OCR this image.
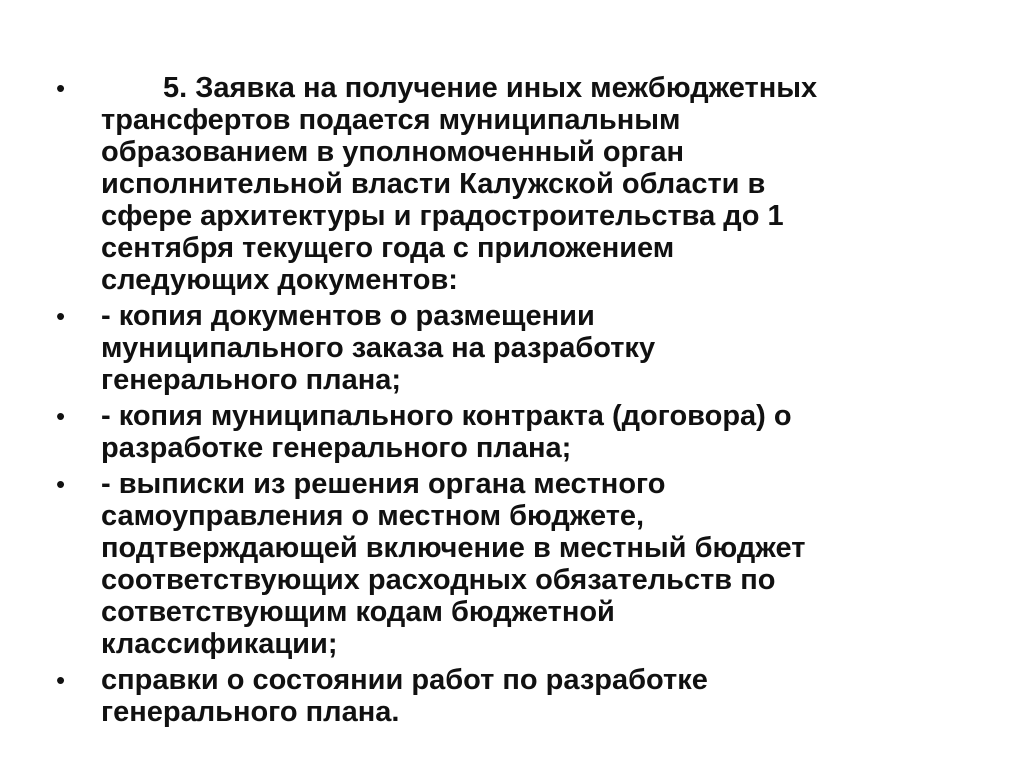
•	5. Заявка на получение иных межбюджетных
трансфертов подается муниципальным
образованием в уполномоченный орган
исполнительной власти Калужской области в
сфере архитектуры и градостроительства до 1
сентября текущего года с приложением
следующих документов:
•	- копия документов о размещении
муниципального заказа на разработку
генерального плана;
•	- копия муниципального контракта (договора) о
разработке генерального плана;
•	- выписки из решения органа местного
самоуправления о местном бюджете,
подтверждающей включение в местный бюджет
соответствующих расходных обязательств по
сответствующим кодам бюджетной
классификации;
•	справки о состоянии работ по разработке
генерального плана.
